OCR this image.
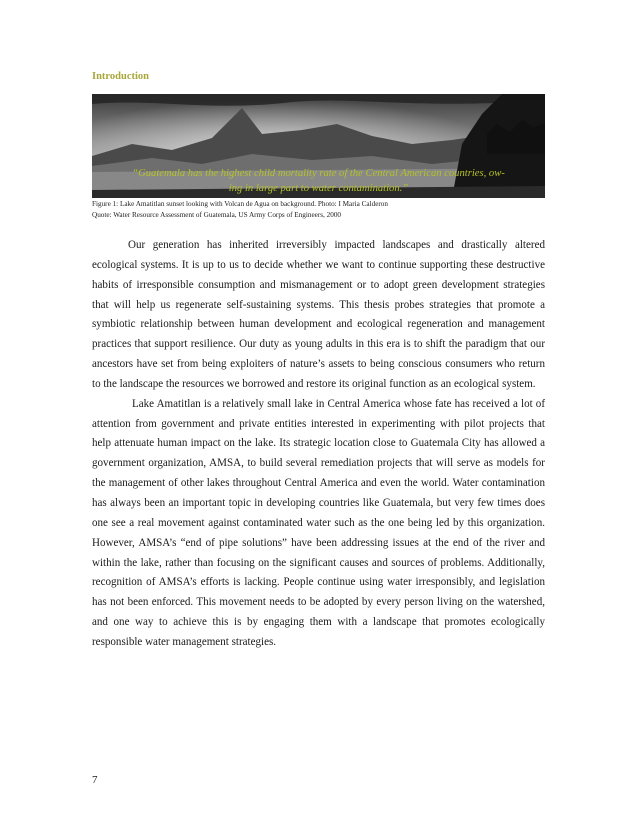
Introduction
“Guatemala has the highest child mortality rate of the Central American countries, ow-
ing in large part to water contamination.”
Figure 1: Lake Amatitlan sunset looking with Volcan de Agua on background. Photo: I Maria Calderon
Quote: Water Resource Assessment of Guatemala, US Army Corps of Engineers, 2000

Our generation has inherited irreversibly impacted landscapes and drastically altered ecological systems. It is up to us to decide whether we want to continue supporting these destructive habits of irresponsible consumption and mismanagement or to adopt green development strategies that will help us regenerate self-sustaining systems. This thesis probes strategies that promote a symbiotic relationship between human development and ecological regeneration and management practices that support resilience. Our duty as young adults in this era is to shift the paradigm that our ancestors have set from being exploiters of nature’s assets to being conscious consumers who return to the landscape the resources we borrowed and restore its original function as an ecological system.

Lake Amatitlan is a relatively small lake in Central America whose fate has received a lot of attention from government and private entities interested in experimenting with pilot projects that help attenuate human impact on the lake. Its strategic location close to Guatemala City has allowed a government organization, AMSA, to build several remediation projects that will serve as models for the management of other lakes throughout Central America and even the world. Water contamination has always been an important topic in developing countries like Guatemala, but very few times does one see a real movement against contaminated water such as the one being led by this organization. However, AMSA’s “end of pipe solutions” have been addressing issues at the end of the river and within the lake, rather than focusing on the significant causes and sources of problems. Additionally, recognition of AMSA’s efforts is lacking. People continue using water irresponsibly, and legislation has not been enforced. This movement needs to be adopted by every person living on the watershed, and one way to achieve this is by engaging them with a landscape that promotes ecologically responsible water management strategies.

7
